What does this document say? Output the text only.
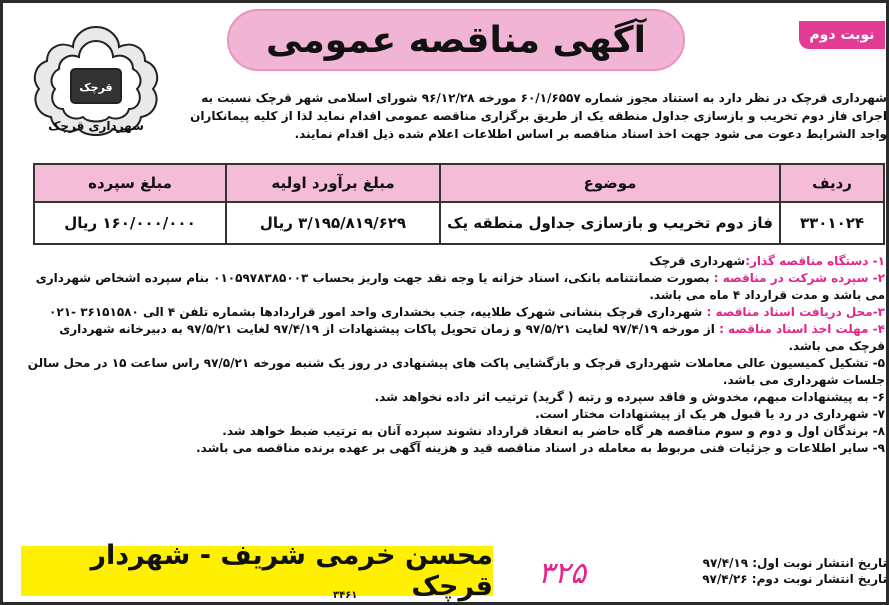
نوبت دوم
آگهی مناقصه عمومی
قرچک
شهرداری قرچک
شهرداری قرچک در نظر دارد به استناد مجوز شماره ۶۰/۱/۶۵۵۷ مورخه ۹۶/۱۲/۲۸ شورای اسلامی شهر قرچک نسبت به اجرای فاز دوم تخریب و بازسازی جداول منطقه یک از طریق برگزاری مناقصه عمومی اقدام نماید لذا از کلیه پیمانکاران واجد الشرایط دعوت می شود جهت اخذ اسناد مناقصه بر اساس اطلاعات اعلام شده ذیل اقدام نمایند.
ردیف	موضوع	مبلغ برآورد اولیه	مبلغ سپرده
۳۳۰۱۰۲۴	فاز دوم تخریب و بازسازی جداول منطقه یک	۳/۱۹۵/۸۱۹/۶۲۹ ریال	۱۶۰/۰۰۰/۰۰۰ ریال

۱- دستگاه مناقصه گذار:شهرداری قرچک

۲- سپرده شرکت در مناقصه : بصورت ضمانتنامه بانکی، اسناد خزانه یا وجه نقد جهت واریز بحساب ۰۱۰۵۹۷۸۳۸۵۰۰۳ بنام سپرده اشخاص شهرداری می باشد و مدت قرارداد ۴ ماه می باشد.

۳-محل دریافت اسناد مناقصه : شهرداری قرچک بنشانی شهرک طلاییه، جنب بخشداری واحد امور قراردادها بشماره تلفن ۴ الی ۳۶۱۵۱۵۸۰ -۰۲۱

۴- مهلت اخذ اسناد مناقصه : از مورخه ۹۷/۴/۱۹ لغایت ۹۷/۵/۲۱ و زمان تحویل پاکات پیشنهادات از ۹۷/۴/۱۹ لغایت ۹۷/۵/۲۱ به دبیرخانه شهرداری قرچک می باشد.

۵- تشکیل کمیسیون عالی معاملات شهرداری قرچک و بازگشایی پاکت های پیشنهادی در روز یک شنبه مورخه ۹۷/۵/۲۱ راس ساعت ۱۵ در محل سالن جلسات شهرداری می باشد.

۶- به پیشنهادات مبهم، مخدوش و فاقد سپرده و رتبه ( گرید) ترتیب اثر داده نخواهد شد.

۷- شهرداری در رد یا قبول هر یک از پیشنهادات مختار است.

۸- برندگان اول و دوم و سوم مناقصه هر گاه حاضر به انعقاد قرارداد نشوند سپرده آنان به ترتیب ضبط خواهد شد.

۹- سایر اطلاعات و جزئیات فنی مربوط به معامله در اسناد مناقصه قید و هزینه آگهی بر عهده برنده مناقصه می باشد.

تاریخ انتشار نوبت اول: ۹۷/۴/۱۹
تاریخ انتشار نوبت دوم: ۹۷/۴/۲۶
۳۲۵
محسن خرمی شریف - شهردار قرچک
۳۴۶۱
